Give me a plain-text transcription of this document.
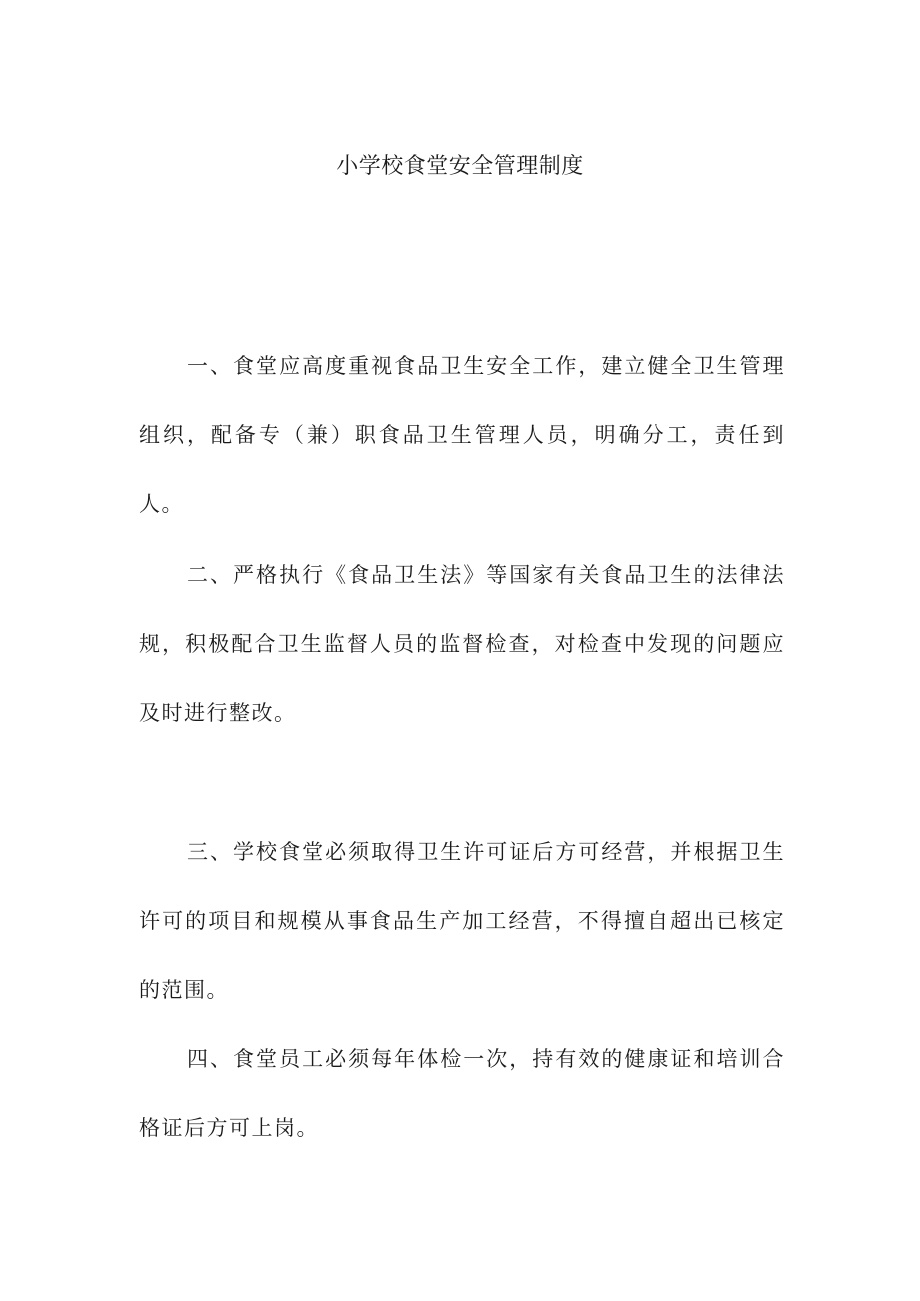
小学校食堂安全管理制度

一、食堂应高度重视食品卫生安全工作，建立健全卫生管理组织，配备专（兼）职食品卫生管理人员，明确分工，责任到人。

二、严格执行《食品卫生法》等国家有关食品卫生的法律法规，积极配合卫生监督人员的监督检查，对检查中发现的问题应及时进行整改。

三、学校食堂必须取得卫生许可证后方可经营，并根据卫生许可的项目和规模从事食品生产加工经营，不得擅自超出已核定的范围。

四、食堂员工必须每年体检一次，持有效的健康证和培训合格证后方可上岗。
